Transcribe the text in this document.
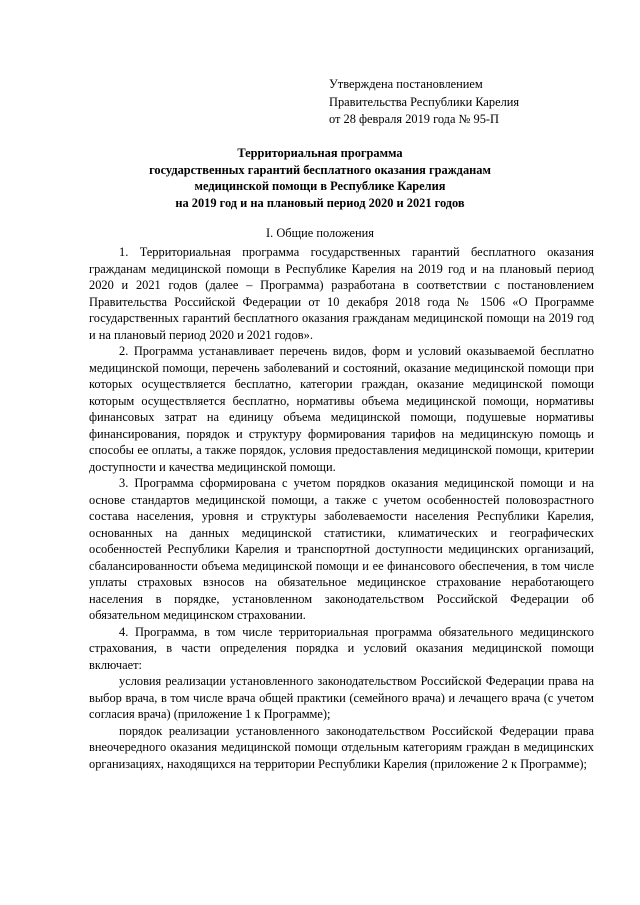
Утверждена постановлением
Правительства Республики Карелия
от 28 февраля 2019 года № 95-П
Территориальная программа
государственных гарантий бесплатного оказания гражданам
медицинской помощи в Республике Карелия
на 2019 год и на плановый период 2020 и 2021 годов
I. Общие положения

1. Территориальная программа государственных гарантий бесплатного оказания гражданам медицинской помощи в Республике Карелия на 2019 год и на плановый период 2020 и 2021 годов (далее – Программа) разработана в соответствии с постановлением Правительства Российской Федерации от 10 декабря 2018 года № 1506 «О Программе государственных гарантий бесплатного оказания гражданам медицинской помощи на 2019 год и на плановый период 2020 и 2021 годов».

2. Программа устанавливает перечень видов, форм и условий оказываемой бесплатно медицинской помощи, перечень заболеваний и состояний, оказание медицинской помощи при которых осуществляется бесплатно, категории граждан, оказание медицинской помощи которым осуществляется бесплатно, нормативы объема медицинской помощи, нормативы финансовых затрат на единицу объема медицинской помощи, подушевые нормативы финансирования, порядок и структуру формирования тарифов на медицинскую помощь и способы ее оплаты, а также порядок, условия предоставления медицинской помощи, критерии доступности и качества медицинской помощи.

3. Программа сформирована с учетом порядков оказания медицинской помощи и на основе стандартов медицинской помощи, а также с учетом особенностей половозрастного состава населения, уровня и структуры заболеваемости населения Республики Карелия, основанных на данных медицинской статистики, климатических и географических особенностей Республики Карелия и транспортной доступности медицинских организаций, сбалансированности объема медицинской помощи и ее финансового обеспечения, в том числе уплаты страховых взносов на обязательное медицинское страхование неработающего населения в порядке, установленном законодательством Российской Федерации об обязательном медицинском страховании.

4. Программа, в том числе территориальная программа обязательного медицинского страхования, в части определения порядка и условий оказания медицинской помощи включает:

условия реализации установленного законодательством Российской Федерации права на выбор врача, в том числе врача общей практики (семейного врача) и лечащего врача (с учетом согласия врача) (приложение 1 к Программе);

порядок реализации установленного законодательством Российской Федерации права внеочередного оказания медицинской помощи отдельным категориям граждан в медицинских организациях, находящихся на территории Республики Карелия (приложение 2 к Программе);
